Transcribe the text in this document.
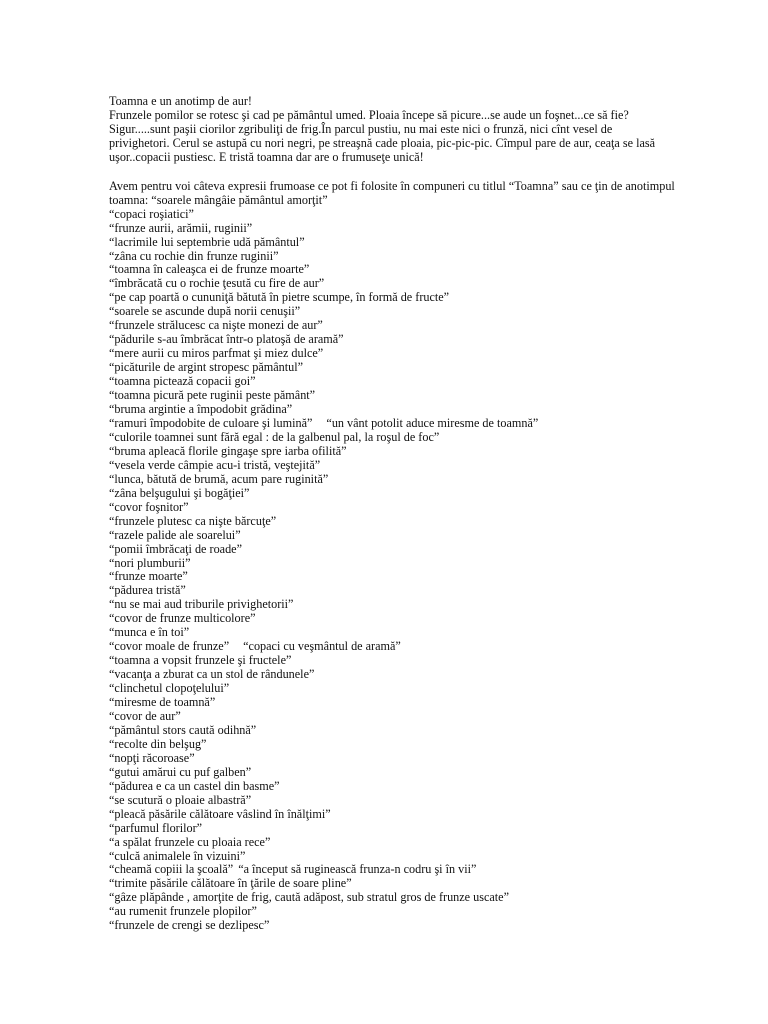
Toamna e un anotimp de aur!
Frunzele pomilor se rotesc şi cad pe pământul umed. Ploaia începe să picure...se aude un foşnet...ce să fie?
Sigur.....sunt paşii ciorilor zgribuliţi de frig.În parcul pustiu, nu mai este nici o frunză, nici cînt vesel de
privighetori. Cerul se astupă cu nori negri, pe streaşnă cade ploaia, pic-pic-pic. Cîmpul pare de aur, ceaţa se lasă
uşor..copacii pustiesc. E tristă toamna dar are o frumuseţe unică!
Avem pentru voi câteva expresii frumoase ce pot fi folosite în compuneri cu titlul “Toamna” sau ce ţin de anotimpul
toamna: “soarele mângâie pământul amorţit”
“copaci roşiatici”
“frunze aurii, arămii, ruginii”
“lacrimile lui septembrie udă pământul”
“zâna cu rochie din frunze ruginii”
“toamna în caleaşca ei de frunze moarte”
“îmbrăcată cu o rochie ţesută cu fire de aur”
“pe cap poartă o cununiţă bătută în pietre scumpe, în formă de fructe”
“soarele se ascunde după norii cenuşii”
“frunzele strălucesc ca nişte monezi de aur”
“pădurile s-au îmbrăcat într-o platoşă de aramă”
“mere aurii cu miros parfmat şi miez dulce”
“picăturile de argint stropesc pământul”
“toamna pictează copacii goi”
“toamna picură pete ruginii peste pământ”
“bruma argintie a împodobit grădina”
“ramuri împodobite de culoare şi lumină” “un vânt potolit aduce miresme de toamnă”
“culorile toamnei sunt fără egal : de la galbenul pal, la roşul de foc”
“bruma apleacă florile gingaşe spre iarba ofilită”
“vesela verde câmpie acu-i tristă, veştejită”
“lunca, bătută de brumă, acum pare ruginită”
“zâna belşugului şi bogăţiei”
“covor foşnitor”
“frunzele plutesc ca nişte bărcuţe”
“razele palide ale soarelui”
“pomii îmbrăcaţi de roade”
“nori plumburii”
“frunze moarte”
“pădurea tristă”
“nu se mai aud triburile privighetorii”
“covor de frunze multicolore”
“munca e în toi”
“covor moale de frunze” “copaci cu veşmântul de aramă”
“toamna a vopsit frunzele şi fructele”
“vacanţa a zburat ca un stol de rândunele”
“clinchetul clopoţelului”
“miresme de toamnă”
“covor de aur”
“pământul stors caută odihnă”
“recolte din belşug”
“nopţi răcoroase”
“gutui amărui cu puf galben”
“pădurea e ca un castel din basme”
“se scutură o ploaie albastră”
“pleacă păsările călătoare vâslind în înălţimi”
“parfumul florilor”
“a spălat frunzele cu ploaia rece”
“culcă animalele în vizuini”
“cheamă copiii la şcoală” “a început să ruginească frunza-n codru şi în vii”
“trimite păsările călătoare în ţările de soare pline”
“gâze plăpânde , amorţite de frig, caută adăpost, sub stratul gros de frunze uscate”
“au rumenit frunzele plopilor”
“frunzele de crengi se dezlipesc”
